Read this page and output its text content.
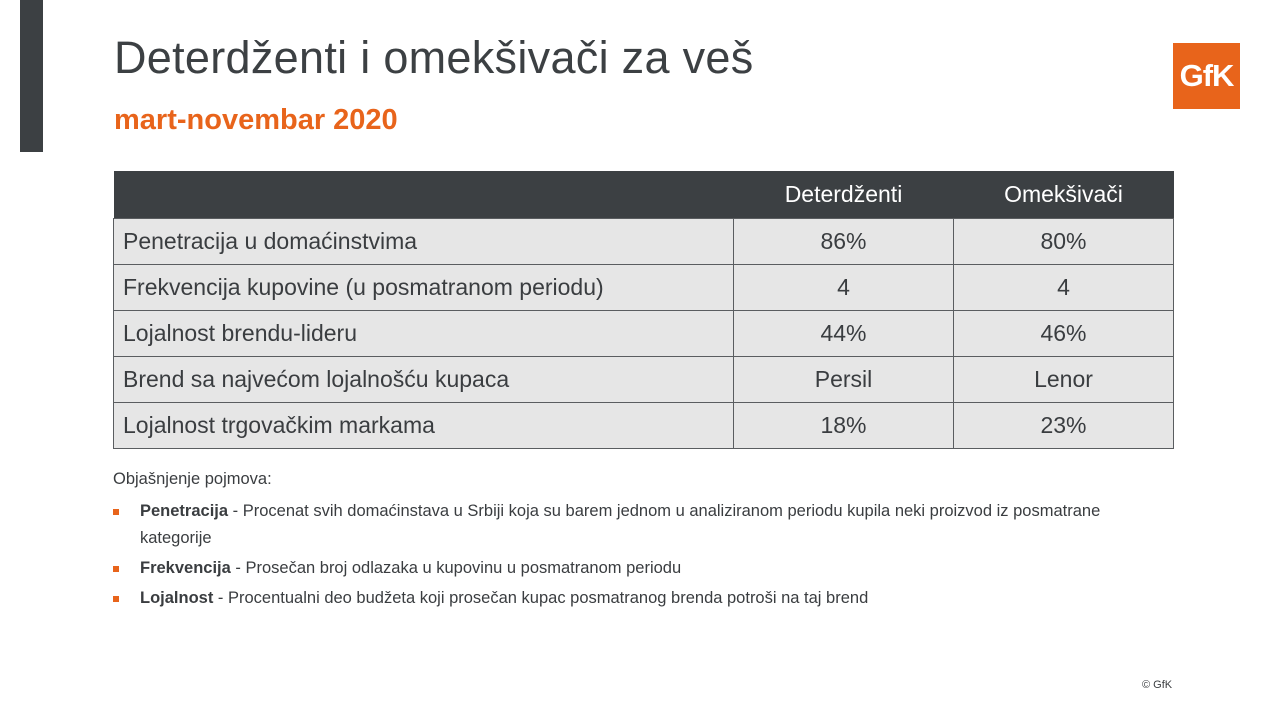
Deterdženti i omekšivači za veš
mart-novembar 2020
GfK
	Deterdženti	Omekšivači
Penetracija u domaćinstvima	86%	80%
Frekvencija kupovine (u posmatranom periodu)	4	4
Lojalnost brendu-lideru	44%	46%
Brend sa najvećom lojalnošću kupaca	Persil	Lenor
Lojalnost trgovačkim markama	18%	23%

Objašnjenje pojmova:

Penetracija - Procenat svih domaćinstava u Srbiji koja su barem jednom u analiziranom periodu kupila neki proizvod iz posmatrane kategorije
Frekvencija - Prosečan broj odlazaka u kupovinu u posmatranom periodu
Lojalnost - Procentualni deo budžeta koji prosečan kupac posmatranog brenda potroši na taj brend
© GfK
